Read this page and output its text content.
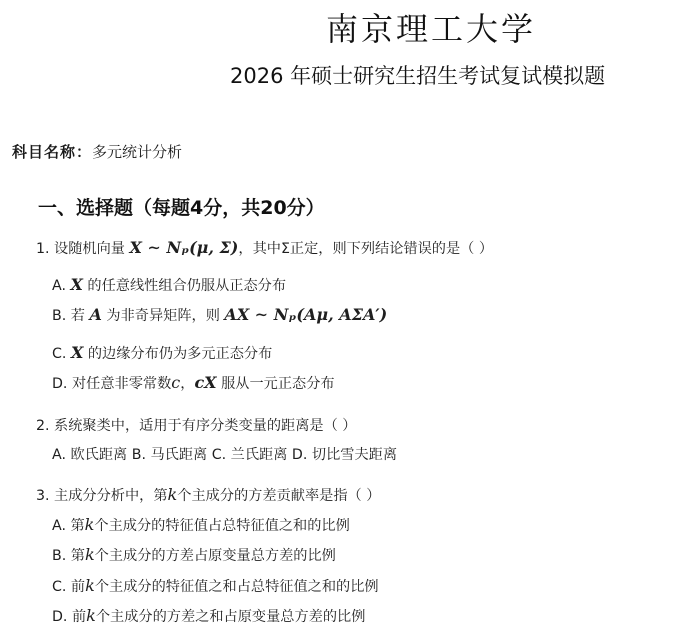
南京理工大学
2026 年硕士研究生招生考试复试模拟题
科目名称：多元统计分析
一、选择题（每题4分，共20分）
1. 设随机向量 X ∼ Nₚ(μ, Σ)，其中Σ正定，则下列结论错误的是（ ）
A. X 的任意线性组合仍服从正态分布
B. 若 A 为非奇异矩阵，则 AX ∼ Nₚ(Aμ, AΣA′)
C. X 的边缘分布仍为多元正态分布
D. 对任意非零常数c，cX 服从一元正态分布
2. 系统聚类中，适用于有序分类变量的距离是（ ）
A. 欧氏距离 B. 马氏距离 C. 兰氏距离 D. 切比雪夫距离
3. 主成分分析中，第k个主成分的方差贡献率是指（ ）
A. 第k个主成分的特征值占总特征值之和的比例
B. 第k个主成分的方差占原变量总方差的比例
C. 前k个主成分的特征值之和占总特征值之和的比例
D. 前k个主成分的方差之和占原变量总方差的比例
